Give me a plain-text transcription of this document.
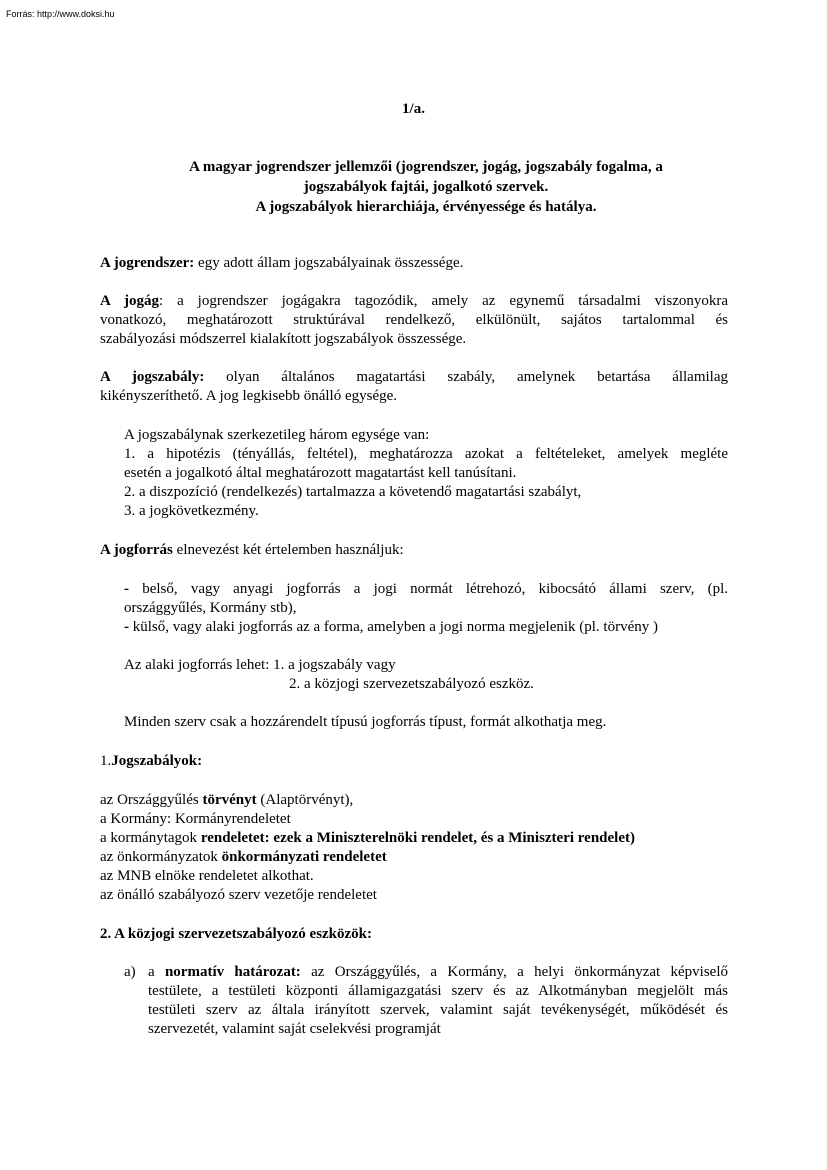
Forrás: http://www.doksi.hu
1/a.
A magyar jogrendszer jellemzői (jogrendszer, jogág, jogszabály fogalma, a
jogszabályok fajtái, jogalkotó szervek.
A jogszabályok hierarchiája, érvényessége és hatálya.
A jogrendszer: egy adott állam jogszabályainak összessége.
A jogág: a jogrendszer jogágakra tagozódik, amely az egynemű társadalmi viszonyokra
vonatkozó, meghatározott struktúrával rendelkező, elkülönült, sajátos tartalommal és
szabályozási módszerrel kialakított jogszabályok összessége.
A jogszabály: olyan általános magatartási szabály, amelynek betartása államilag
kikényszeríthető. A jog legkisebb önálló egysége.
A jogszabálynak szerkezetileg három egysége van:
1. a hipotézis (tényállás, feltétel), meghatározza azokat a feltételeket, amelyek megléte
esetén a jogalkotó által meghatározott magatartást kell tanúsítani.
2. a diszpozíció (rendelkezés) tartalmazza a követendő magatartási szabályt,
3. a jogkövetkezmény.
A jogforrás elnevezést két értelemben használjuk:
- belső, vagy anyagi jogforrás a jogi normát létrehozó, kibocsátó állami szerv, (pl.
országgyűlés, Kormány stb),
- külső, vagy alaki jogforrás az a forma, amelyben a jogi norma megjelenik (pl. törvény )
Az alaki jogforrás lehet: 1. a jogszabály vagy
2. a közjogi szervezetszabályozó eszköz.
Minden szerv csak a hozzárendelt típusú jogforrás típust, formát alkothatja meg.
1.Jogszabályok:
az Országgyűlés törvényt (Alaptörvényt),
a Kormány: Kormányrendeletet
a kormánytagok rendeletet: ezek a Miniszterelnöki rendelet, és a Miniszteri rendelet)
az önkormányzatok önkormányzati rendeletet
az MNB elnöke rendeletet alkothat.
az önálló szabályozó szerv vezetője rendeletet
2. A közjogi szervezetszabályozó eszközök:
a) a normatív határozat: az Országgyűlés, a Kormány, a helyi önkormányzat képviselő
testülete, a testületi központi államigazgatási szerv és az Alkotmányban megjelölt más
testületi szerv az általa irányított szervek, valamint saját tevékenységét, működését és
szervezetét, valamint saját cselekvési programját
